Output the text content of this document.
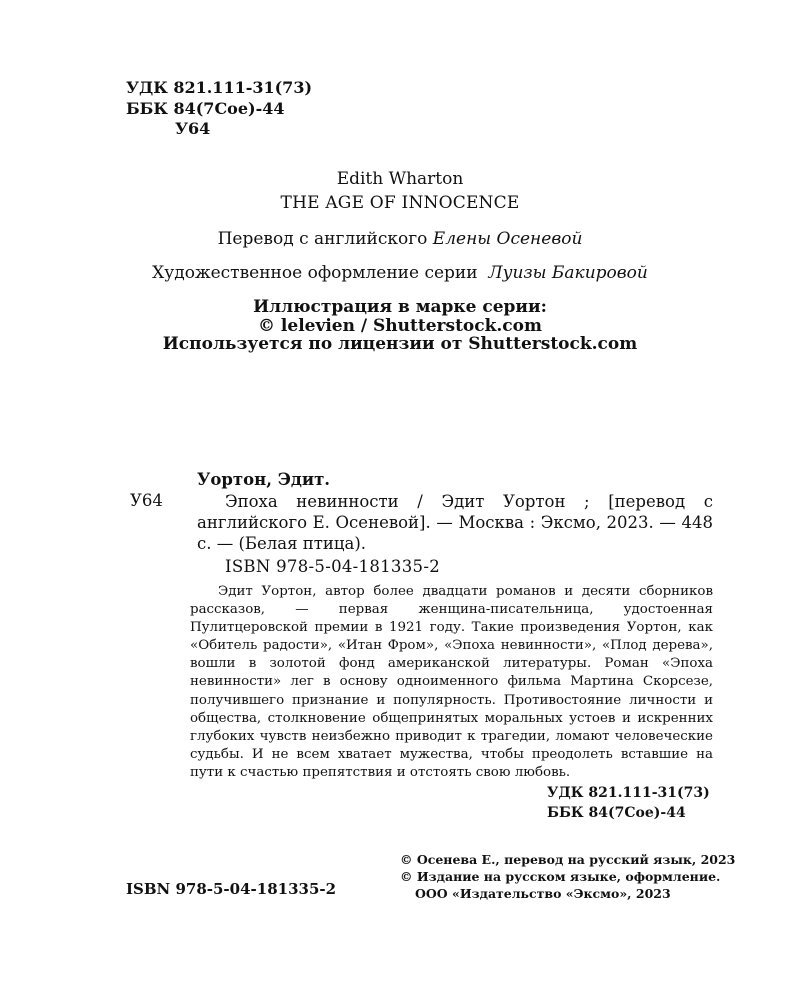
УДК 821.111-31(73)
ББК 84(7Сое)-44
У64
Edith Wharton
THE AGE OF INNOCENCE
Перевод с английского Елены Осеневой
Художественное оформление серии Луизы Бакировой
Иллюстрация в марке серии:
© lelevien / Shutterstock.com
Используется по лицензии от Shutterstock.com
Уортон, Эдит.
У64	Эпоха невинности / Эдит Уортон ; [перевод с английского Е. Осеневой]. — Москва : Эксмо, 2023. — 448 с. — (Белая птица).

ISBN 978-5-04-181335-2

Эдит Уортон, автор более двадцати романов и десяти сборников рассказов, — первая женщина-писательница, удостоенная Пулитцеровской премии в 1921 году. Такие произведения Уортон, как «Обитель радости», «Итан Фром», «Эпоха невинности», «Плод дерева», вошли в золотой фонд американской литературы. Роман «Эпоха невинности» лег в основу одноименного фильма Мартина Скорсезе, получившего признание и популярность. Противостояние личности и общества, столкновение общепринятых моральных устоев и искренних глубоких чувств неизбежно приводит к трагедии, ломают человеческие судьбы. И не всем хватает мужества, чтобы преодолеть вставшие на пути к счастью препятствия и отстоять свою любовь.

УДК 821.111-31(73)
ББК 84(7Сое)-44
ISBN 978-5-04-181335-2
© Осенева Е., перевод на русский язык, 2023
© Издание на русском языке, оформление.
ООО «Издательство «Эксмо», 2023
